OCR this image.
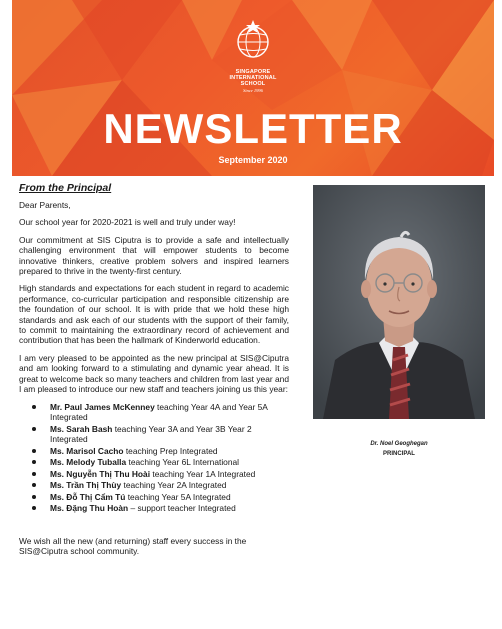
SINGAPORE
INTERNATIONAL
SCHOOL
Since 1996
NEWSLETTER
September 2020
From the Principal

Dear Parents,

Our school year for 2020-2021 is well and truly under way!

Our commitment at SIS Ciputra is to provide a safe and intellectually challenging environment that will empower students to become innovative thinkers, creative problem solvers and inspired learners prepared to thrive in the twenty-first century.

High standards and expectations for each student in regard to academic performance, co-curricular participation and responsible citizenship are the foundation of our school. It is with pride that we hold these high standards and ask each of our students with the support of their family, to commit to maintaining the extraordinary record of achievement and contribution that has been the hallmark of Kinderworld education.

I am very pleased to be appointed as the new principal at SIS@Ciputra and am looking forward to a stimulating and dynamic year ahead. It is great to welcome back so many teachers and children from last year and I am pleased to introduce our new staff and teachers joining us this year:

Mr. Paul James McKenney teaching Year 4A and Year 5A Integrated
Ms. Sarah Bash teaching Year 3A and Year 3B Year 2 Integrated
Ms. Marisol Cacho teaching Prep Integrated
Ms. Melody Tuballa teaching Year 6L International
Ms. Nguyễn Thị Thu Hoài teaching Year 1A Integrated
Ms. Trần Thị Thùy teaching Year 2A Integrated
Ms. Đỗ Thị Cẩm Tú teaching Year 5A Integrated
Ms. Đặng Thu Hoàn – support teacher Integrated

We wish all the new (and returning) staff every success in the SIS@Ciputra school community.

Dr. Noel Geoghegan
PRINCIPAL
